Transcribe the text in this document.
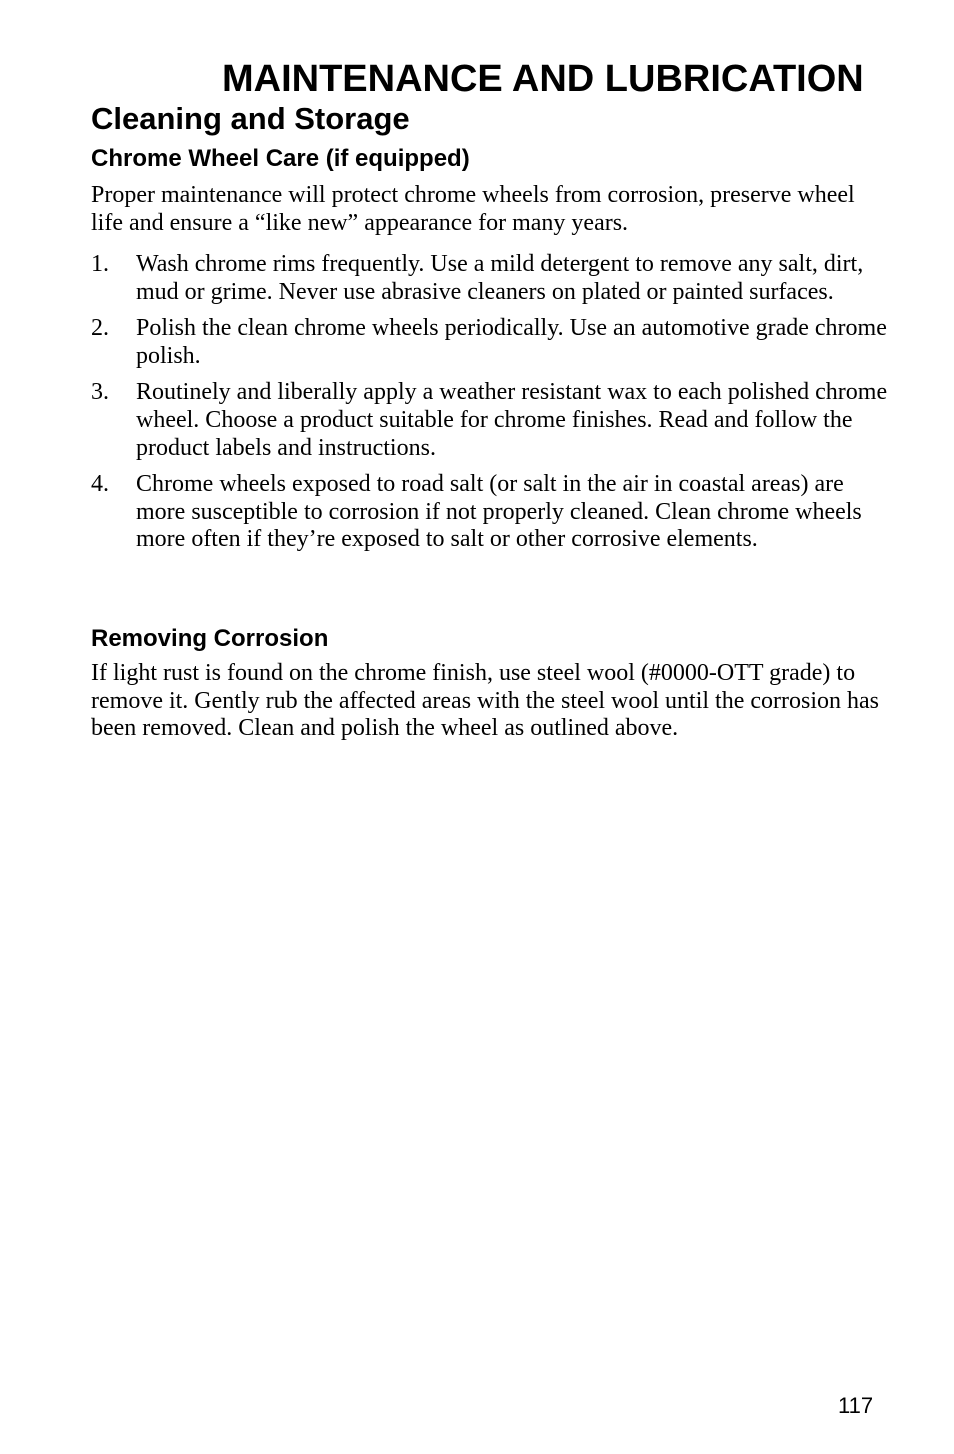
MAINTENANCE AND LUBRICATION
Cleaning and Storage
Chrome Wheel Care (if equipped)

Proper maintenance will protect chrome wheels from corrosion, preserve wheel life and ensure a “like new” appearance for many years.

1. Wash chrome rims frequently. Use a mild detergent to remove any salt, dirt, mud or grime. Never use abrasive cleaners on plated or painted surfaces.
2. Polish the clean chrome wheels periodically. Use an automotive grade chrome polish.
3. Routinely and liberally apply a weather resistant wax to each polished chrome wheel. Choose a product suitable for chrome finishes. Read and follow the product labels and instructions.
4. Chrome wheels exposed to road salt (or salt in the air in coastal areas) are more susceptible to corrosion if not properly cleaned. Clean chrome wheels more often if they’re exposed to salt or other corrosive elements.
Removing Corrosion

If light rust is found on the chrome finish, use steel wool (#0000-OTT grade) to remove it. Gently rub the affected areas with the steel wool until the corrosion has been removed. Clean and polish the wheel as outlined above.

117
